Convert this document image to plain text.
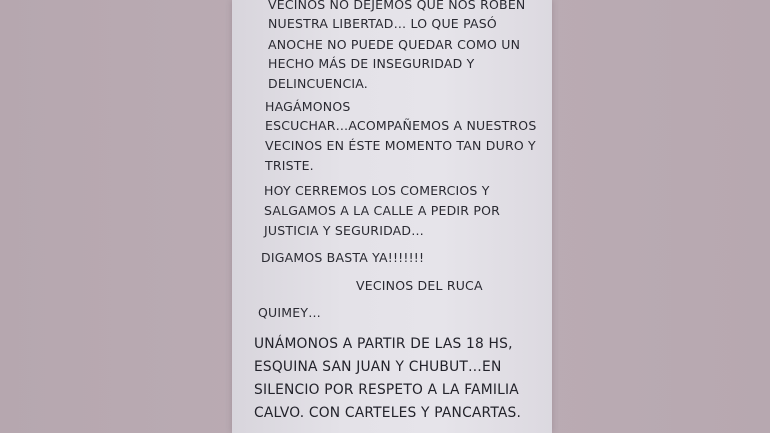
VECINOS NO DEJEMOS QUE NOS ROBEN
NUESTRA LIBERTAD… LO QUE PASÓ
ANOCHE NO PUEDE QUEDAR COMO UN
HECHO MÁS DE INSEGURIDAD Y
DELINCUENCIA.
HAGÁMONOS
ESCUCHAR…ACOMPAÑEMOS A NUESTROS
VECINOS EN ÉSTE MOMENTO TAN DURO Y
TRISTE.
HOY CERREMOS LOS COMERCIOS Y
SALGAMOS A LA CALLE A PEDIR POR
JUSTICIA Y SEGURIDAD…
DIGAMOS BASTA YA!!!!!!!
VECINOS DEL RUCA
QUIMEY…
UNÁMONOS A PARTIR DE LAS 18 HS,
ESQUINA SAN JUAN Y CHUBUT…EN
SILENCIO POR RESPETO A LA FAMILIA
CALVO. CON CARTELES Y PANCARTAS.
